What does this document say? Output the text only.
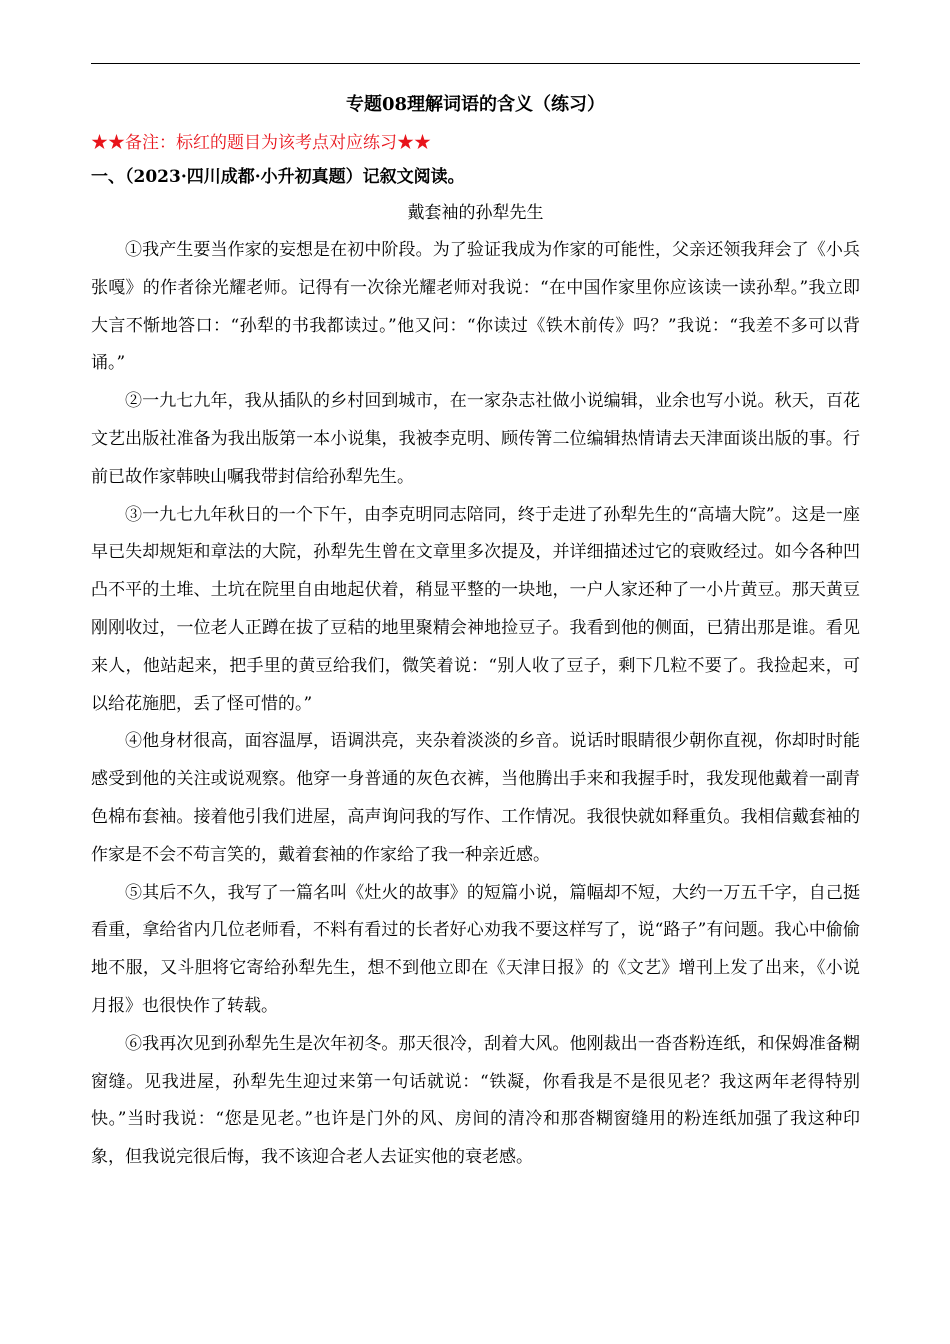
专题08理解词语的含义（练习）
★★备注：标红的题目为该考点对应练习★★
一、（2023·四川成都·小升初真题）记叙文阅读。
戴套袖的孙犁先生

①我产生要当作家的妄想是在初中阶段。为了验证我成为作家的可能性，父亲还领我拜会了《小兵张嘎》的作者徐光耀老师。记得有一次徐光耀老师对我说：“在中国作家里你应该读一读孙犁。”我立即大言不惭地答口：“孙犁的书我都读过。”他又问：“你读过《铁木前传》吗？”我说：“我差不多可以背诵。”

②一九七九年，我从插队的乡村回到城市，在一家杂志社做小说编辑，业余也写小说。秋天，百花文艺出版社准备为我出版第一本小说集，我被李克明、顾传箐二位编辑热情请去天津面谈出版的事。行前已故作家韩映山嘱我带封信给孙犁先生。

③一九七九年秋日的一个下午，由李克明同志陪同，终于走进了孙犁先生的“高墙大院”。这是一座早已失却规矩和章法的大院，孙犁先生曾在文章里多次提及，并详细描述过它的衰败经过。如今各种凹凸不平的土堆、土坑在院里自由地起伏着，稍显平整的一块地，一户人家还种了一小片黄豆。那天黄豆刚刚收过，一位老人正蹲在拔了豆秸的地里聚精会神地捡豆子。我看到他的侧面，已猜出那是谁。看见来人，他站起来，把手里的黄豆给我们，微笑着说：“别人收了豆子，剩下几粒不要了。我捡起来，可以给花施肥，丢了怪可惜的。”

④他身材很高，面容温厚，语调洪亮，夹杂着淡淡的乡音。说话时眼睛很少朝你直视，你却时时能感受到他的关注或说观察。他穿一身普通的灰色衣裤，当他腾出手来和我握手时，我发现他戴着一副青色棉布套袖。接着他引我们进屋，高声询问我的写作、工作情况。我很快就如释重负。我相信戴套袖的作家是不会不苟言笑的，戴着套袖的作家给了我一种亲近感。

⑤其后不久，我写了一篇名叫《灶火的故事》的短篇小说，篇幅却不短，大约一万五千字，自己挺看重，拿给省内几位老师看，不料有看过的长者好心劝我不要这样写了，说“路子”有问题。我心中偷偷地不服，又斗胆将它寄给孙犁先生，想不到他立即在《天津日报》的《文艺》增刊上发了出来，《小说月报》也很快作了转载。

⑥我再次见到孙犁先生是次年初冬。那天很冷，刮着大风。他刚裁出一沓沓粉连纸，和保姆准备糊窗缝。见我进屋，孙犁先生迎过来第一句话就说：“铁凝，你看我是不是很见老？我这两年老得特别快。”当时我说：“您是见老。”也许是门外的风、房间的清冷和那沓糊窗缝用的粉连纸加强了我这种印象，但我说完很后悔，我不该迎合老人去证实他的衰老感。
